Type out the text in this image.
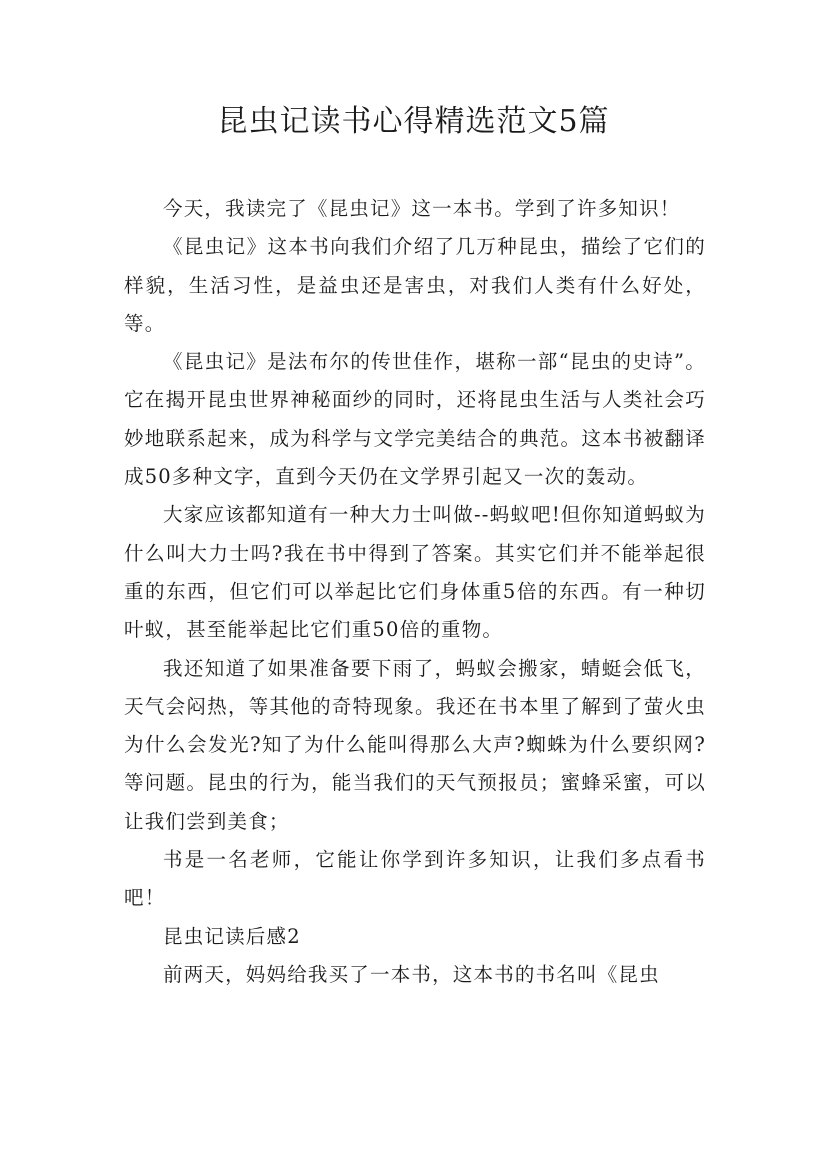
昆虫记读书心得精选范文5篇

今天，我读完了《昆虫记》这一本书。学到了许多知识！

《昆虫记》这本书向我们介绍了几万种昆虫，描绘了它们的样貌，生活习性，是益虫还是害虫，对我们人类有什么好处，等。

《昆虫记》是法布尔的传世佳作，堪称一部“昆虫的史诗”。它在揭开昆虫世界神秘面纱的同时，还将昆虫生活与人类社会巧妙地联系起来，成为科学与文学完美结合的典范。这本书被翻译成50多种文字，直到今天仍在文学界引起又一次的轰动。

大家应该都知道有一种大力士叫做--蚂蚁吧!但你知道蚂蚁为什么叫大力士吗?我在书中得到了答案。其实它们并不能举起很重的东西，但它们可以举起比它们身体重5倍的东西。有一种切叶蚁，甚至能举起比它们重50倍的重物。

我还知道了如果准备要下雨了，蚂蚁会搬家，蜻蜓会低飞，天气会闷热，等其他的奇特现象。我还在书本里了解到了萤火虫为什么会发光?知了为什么能叫得那么大声?蜘蛛为什么要织网?等问题。昆虫的行为，能当我们的天气预报员；蜜蜂采蜜，可以让我们尝到美食；

书是一名老师，它能让你学到许多知识，让我们多点看书吧！

昆虫记读后感2

前两天，妈妈给我买了一本书，这本书的书名叫《昆虫
